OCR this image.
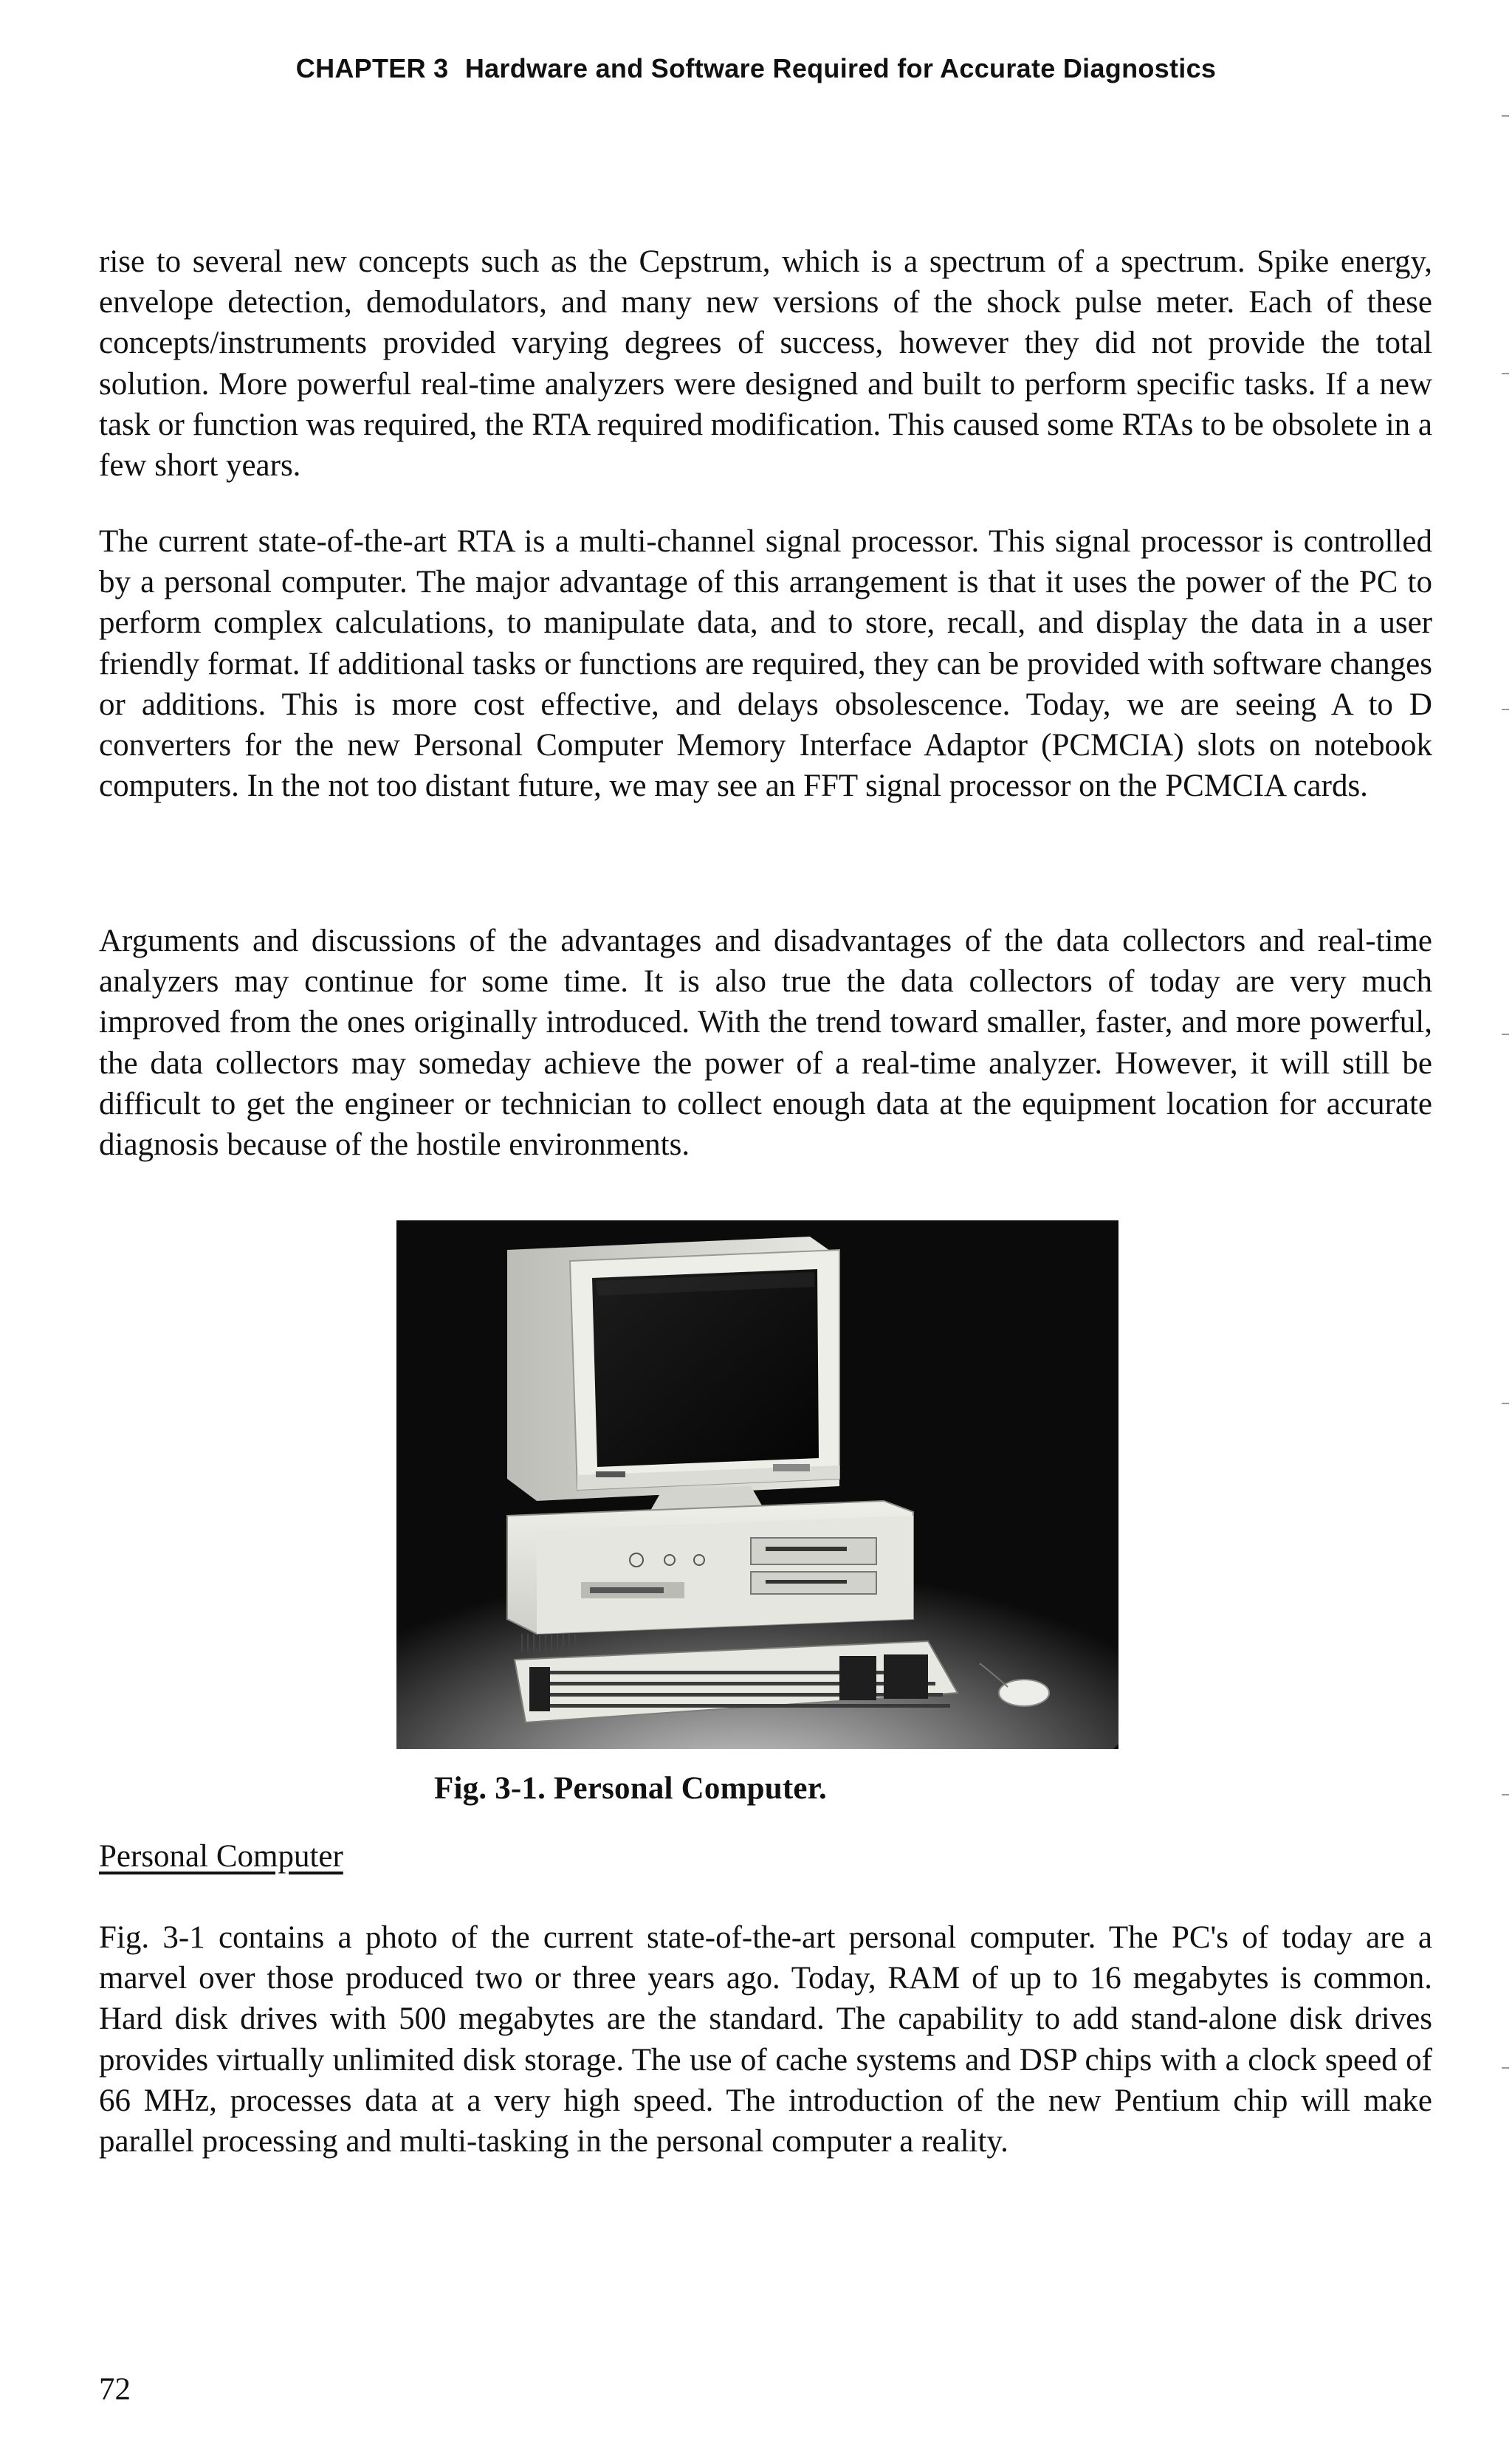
CHAPTER 3 Hardware and Software Required for Accurate Diagnostics

rise to several new concepts such as the Cepstrum, which is a spectrum of a spectrum. Spike energy, envelope detection, demodulators, and many new versions of the shock pulse meter. Each of these concepts/instruments provided varying degrees of success, however they did not provide the total solution. More powerful real-time analyzers were designed and built to perform specific tasks. If a new task or function was required, the RTA required modification. This caused some RTAs to be obsolete in a few short years.

The current state-of-the-art RTA is a multi-channel signal processor. This signal processor is controlled by a personal computer. The major advantage of this arrangement is that it uses the power of the PC to perform complex calculations, to manipulate data, and to store, recall, and display the data in a user friendly format. If additional tasks or functions are required, they can be provided with software changes or additions. This is more cost effective, and delays obsolescence. Today, we are seeing A to D converters for the new Personal Computer Memory Interface Adaptor (PCMCIA) slots on notebook computers. In the not too distant future, we may see an FFT signal processor on the PCMCIA cards.

Arguments and discussions of the advantages and disadvantages of the data collectors and real-time analyzers may continue for some time. It is also true the data collectors of today are very much improved from the ones originally introduced. With the trend toward smaller, faster, and more powerful, the data collectors may someday achieve the power of a real-time analyzer. However, it will still be difficult to get the engineer or technician to collect enough data at the equipment location for accurate diagnosis because of the hostile environments.

Fig. 3-1. Personal Computer.
Personal Computer

Fig. 3-1 contains a photo of the current state-of-the-art personal computer. The PC's of today are a marvel over those produced two or three years ago. Today, RAM of up to 16 megabytes is common. Hard disk drives with 500 megabytes are the standard. The capability to add stand-alone disk drives provides virtually unlimited disk storage. The use of cache systems and DSP chips with a clock speed of 66 MHz, processes data at a very high speed. The introduction of the new Pentium chip will make parallel processing and multi-tasking in the personal computer a reality.

72
